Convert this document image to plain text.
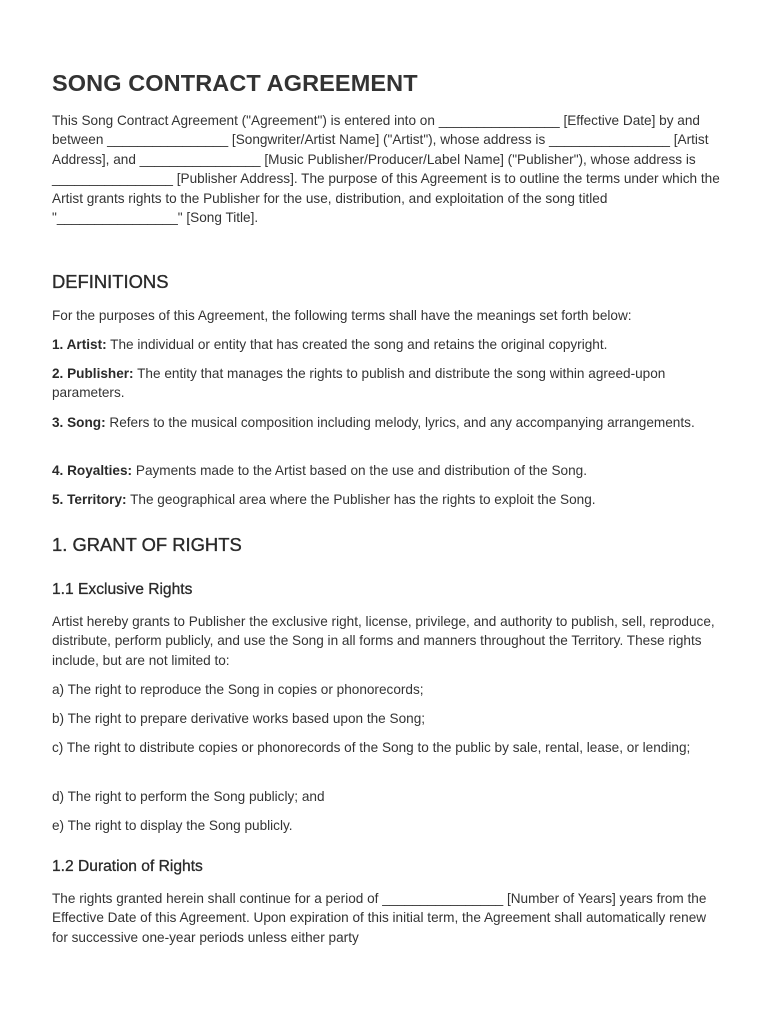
SONG CONTRACT AGREEMENT

This Song Contract Agreement ("Agreement") is entered into on ________________ [Effective Date] by and between ________________ [Songwriter/Artist Name] ("Artist"), whose address is ________________ [Artist Address], and ________________ [Music Publisher/Producer/Label Name] ("Publisher"), whose address is ________________ [Publisher Address]. The purpose of this Agreement is to outline the terms under which the Artist grants rights to the Publisher for the use, distribution, and exploitation of the song titled "________________" [Song Title].

DEFINITIONS

For the purposes of this Agreement, the following terms shall have the meanings set forth below:

1. Artist: The individual or entity that has created the song and retains the original copyright.

2. Publisher: The entity that manages the rights to publish and distribute the song within agreed-upon parameters.

3. Song: Refers to the musical composition including melody, lyrics, and any accompanying arrangements.

4. Royalties: Payments made to the Artist based on the use and distribution of the Song.

5. Territory: The geographical area where the Publisher has the rights to exploit the Song.

1. GRANT OF RIGHTS
1.1 Exclusive Rights

Artist hereby grants to Publisher the exclusive right, license, privilege, and authority to publish, sell, reproduce, distribute, perform publicly, and use the Song in all forms and manners throughout the Territory. These rights include, but are not limited to:

a) The right to reproduce the Song in copies or phonorecords;

b) The right to prepare derivative works based upon the Song;

c) The right to distribute copies or phonorecords of the Song to the public by sale, rental, lease, or lending;

d) The right to perform the Song publicly; and

e) The right to display the Song publicly.

1.2 Duration of Rights

The rights granted herein shall continue for a period of ________________ [Number of Years] years from the Effective Date of this Agreement. Upon expiration of this initial term, the Agreement shall automatically renew for successive one-year periods unless either party
